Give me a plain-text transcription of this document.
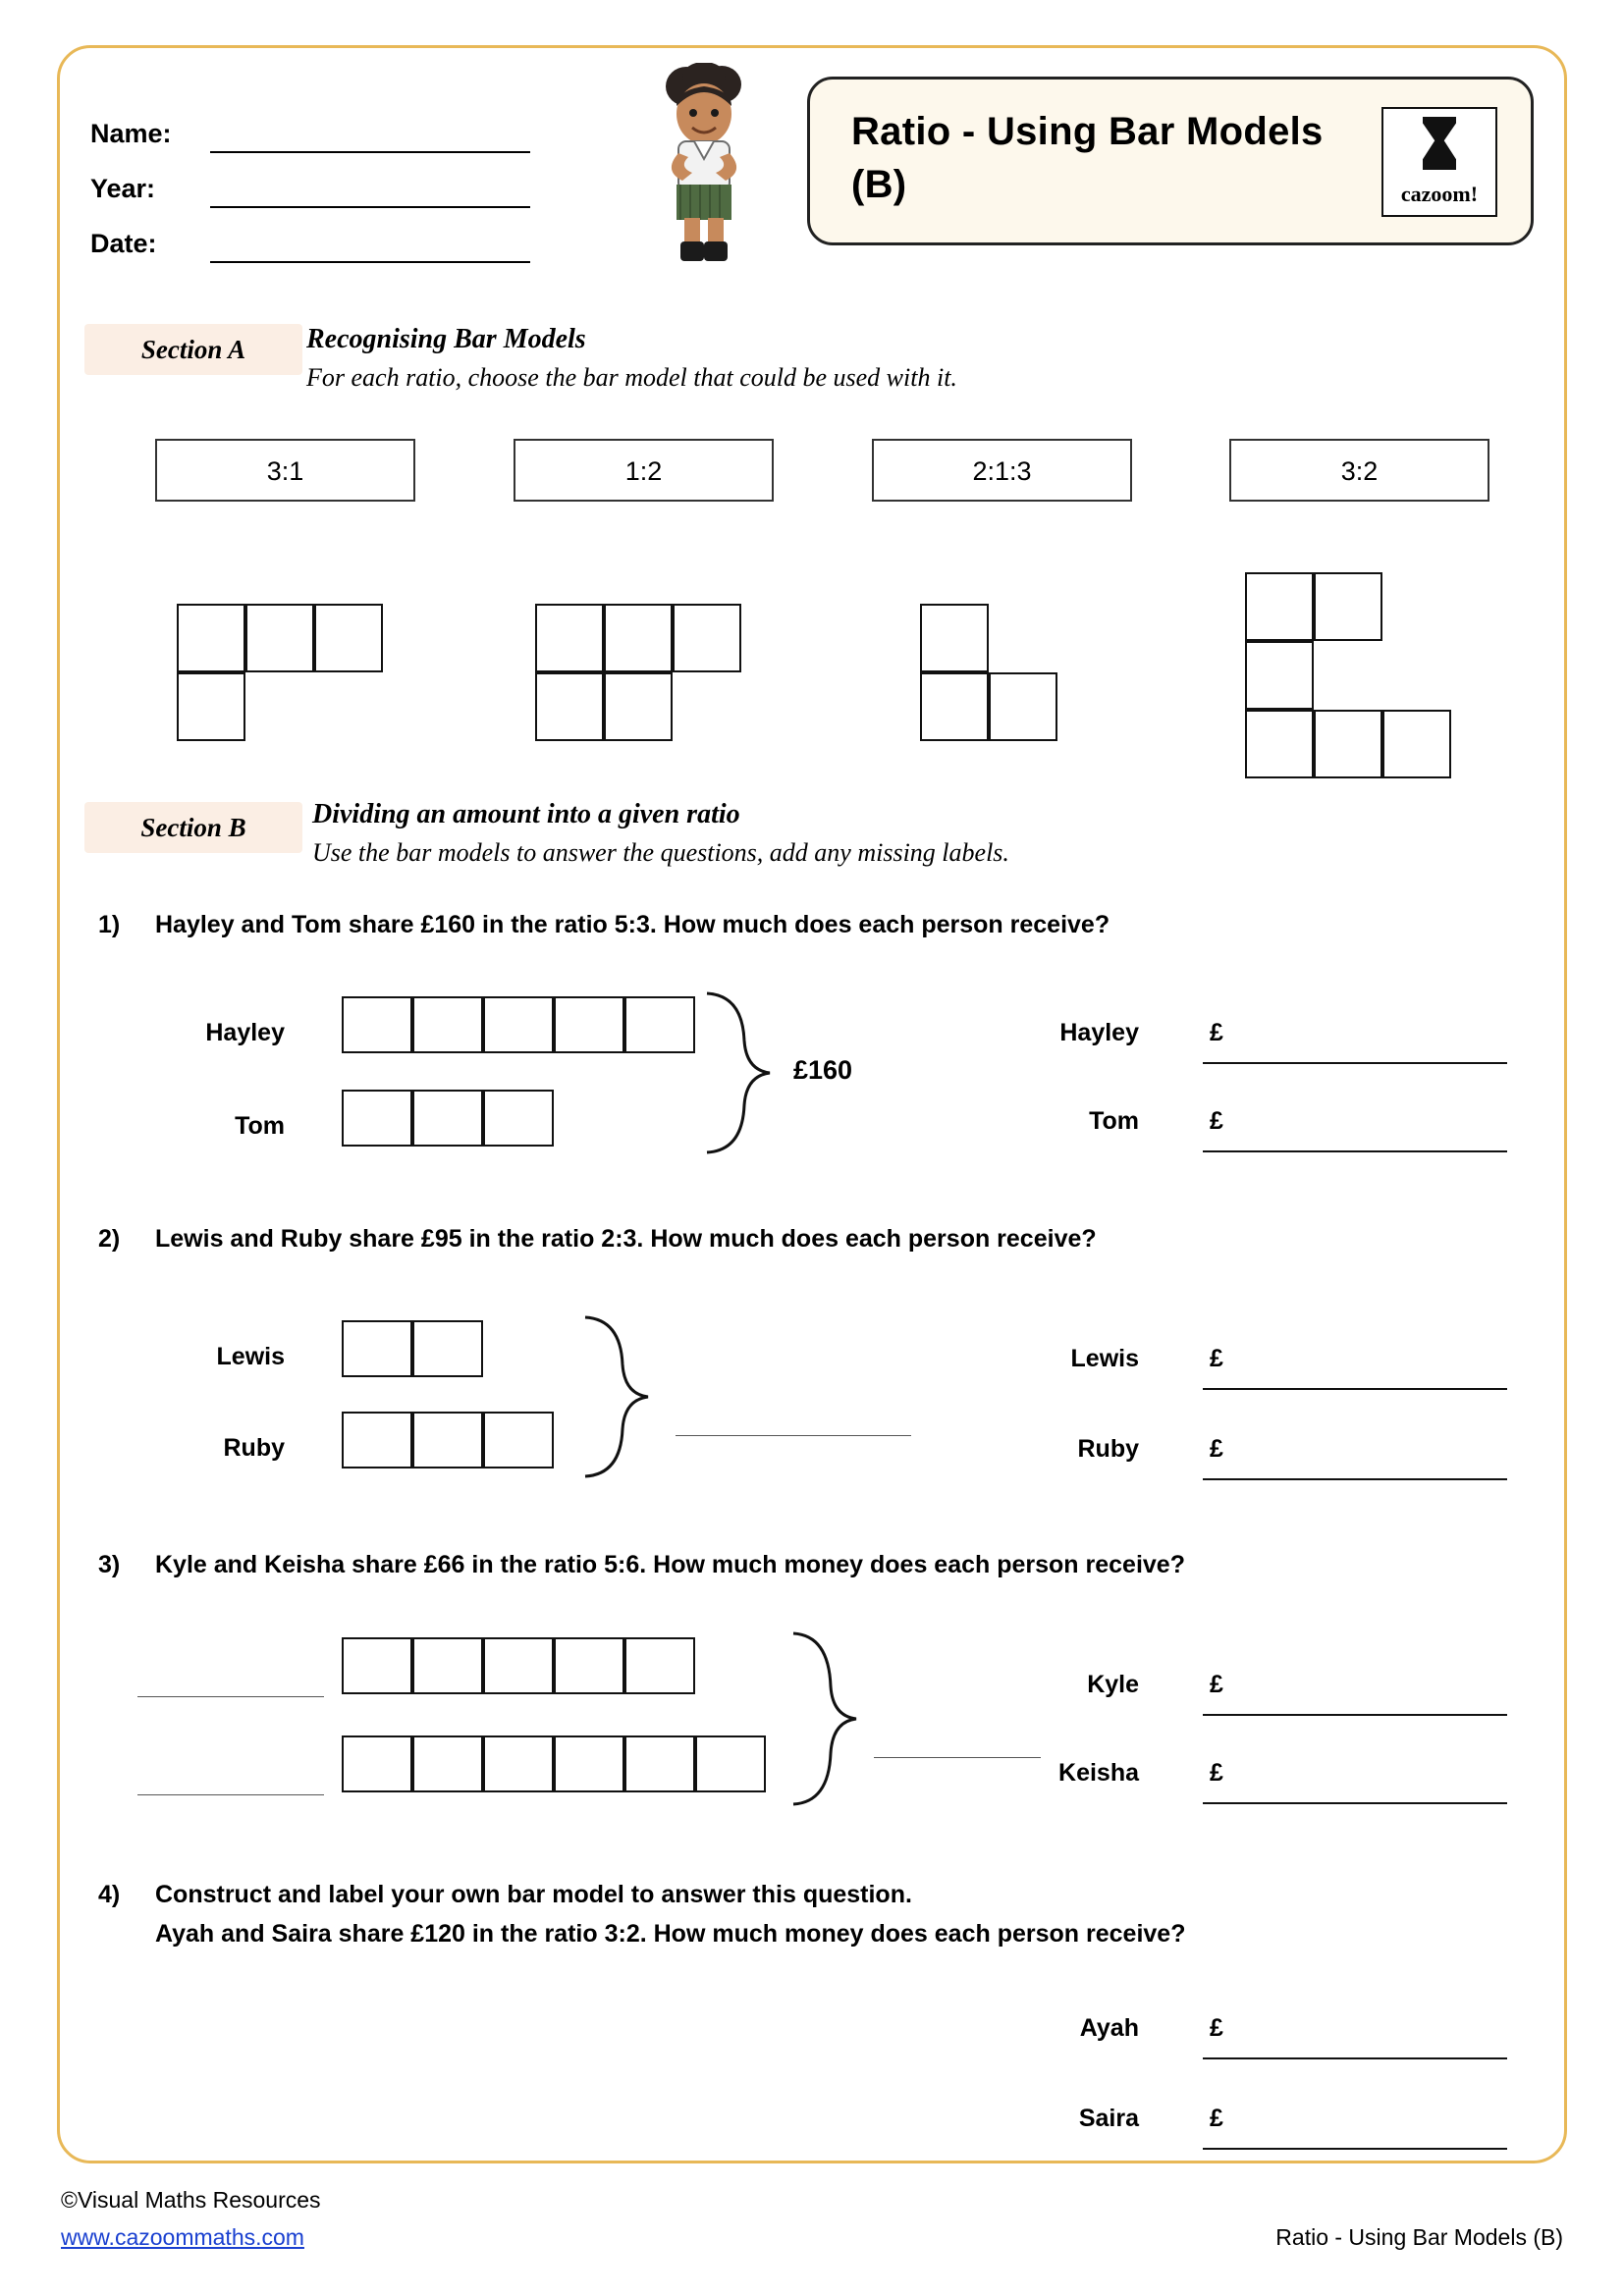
Name:
Year:
Date:
Ratio - Using Bar Models (B)	cazoom!
Section A	Recognising Bar Models
For each ratio, choose the bar model that could be used with it.
3:1	1:2	2:1:3	3:2
Section B	Dividing an amount into a given ratio
Use the bar models to answer the questions, add any missing labels.
1) Hayley and Tom share £160 in the ratio 5:3. How much does each person receive?
Hayley
Tom
£160
Hayley	£
Tom	£
2) Lewis and Ruby share £95 in the ratio 2:3. How much does each person receive?
Lewis
Ruby
Lewis	£
Ruby	£
3) Kyle and Keisha share £66 in the ratio 5:6. How much money does each person receive?
Kyle	£
Keisha	£
4) Construct and label your own bar model to answer this question.
Ayah and Saira share £120 in the ratio 3:2. How much money does each person receive?
Ayah	£
Saira	£
©Visual Maths Resources
www.cazoommaths.com	Ratio - Using Bar Models (B)
